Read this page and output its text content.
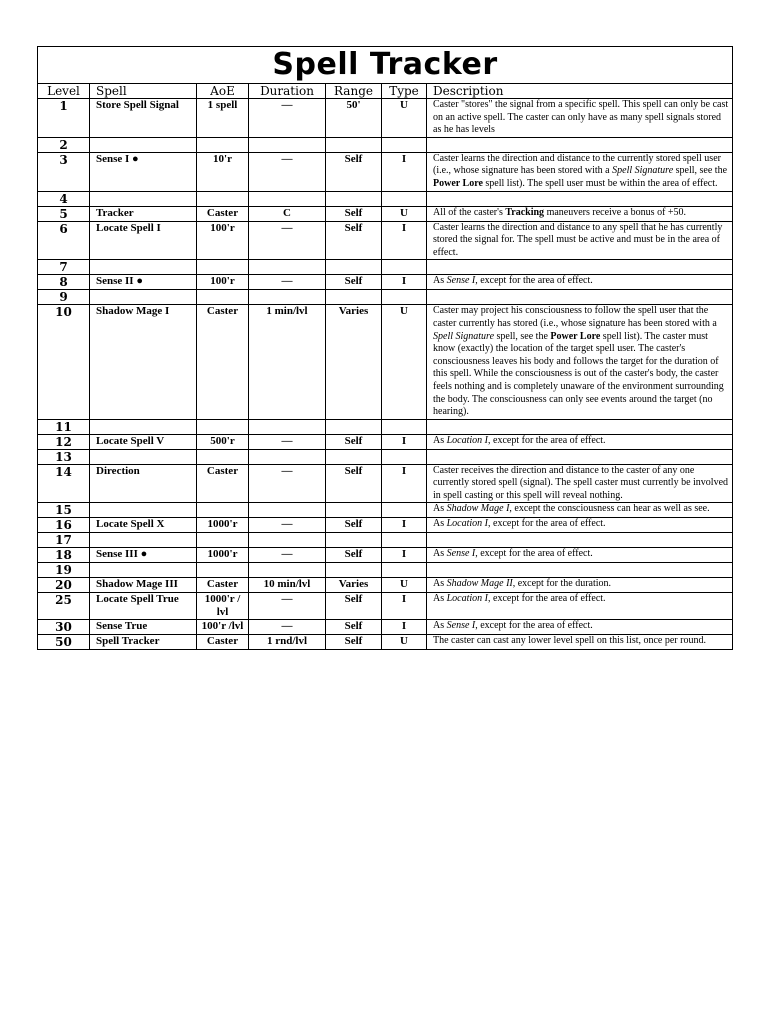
Spell Tracker						
Level	Spell	AoE	Duration	Range	Type	Description
1	Store Spell Signal	1 spell	—	50'	U	Caster "stores" the signal from a specific spell. This spell can only be cast on an active spell. The caster can only have as many spell signals stored as he has levels
2						
3	Sense I ●	10'r	—	Self	I	Caster learns the direction and distance to the currently stored spell user (i.e., whose signature has been stored with a Spell Signature spell, see the Power Lore spell list). The spell user must be within the area of effect.
4						
5	Tracker	Caster	C	Self	U	All of the caster's Tracking maneuvers receive a bonus of +50.
6	Locate Spell I	100'r	—	Self	I	Caster learns the direction and distance to any spell that he has currently stored the signal for. The spell must be active and must be in the area of effect.
7						
8	Sense II ●	100'r	—	Self	I	As Sense I, except for the area of effect.
9						
10	Shadow Mage I	Caster	1 min/lvl	Varies	U	Caster may project his consciousness to follow the spell user that the caster currently has stored (i.e., whose signature has been stored with a Spell Signature spell, see the Power Lore spell list). The caster must know (exactly) the location of the target spell user. The caster's consciousness leaves his body and follows the target for the duration of this spell. While the consciousness is out of the caster's body, the caster feels nothing and is completely unaware of the environment surrounding the body. The consciousness can only see events around the target (no hearing).
11						
12	Locate Spell V	500'r	—	Self	I	As Location I, except for the area of effect.
13						
14	Direction	Caster	—	Self	I	Caster receives the direction and distance to the caster of any one currently stored spell (signal). The spell caster must currently be involved in spell casting or this spell will reveal nothing.
15						As Shadow Mage I, except the consciousness can hear as well as see.
16	Locate Spell X	1000'r	—	Self	I	As Location I, except for the area of effect.
17						
18	Sense III ●	1000'r	—	Self	I	As Sense I, except for the area of effect.
19						
20	Shadow Mage III	Caster	10 min/lvl	Varies	U	As Shadow Mage II, except for the duration.
25	Locate Spell True	1000'r / lvl	—	Self	I	As Location I, except for the area of effect.
30	Sense True	100'r /lvl	—	Self	I	As Sense I, except for the area of effect.
50	Spell Tracker	Caster	1 rnd/lvl	Self	U	The caster can cast any lower level spell on this list, once per round.
